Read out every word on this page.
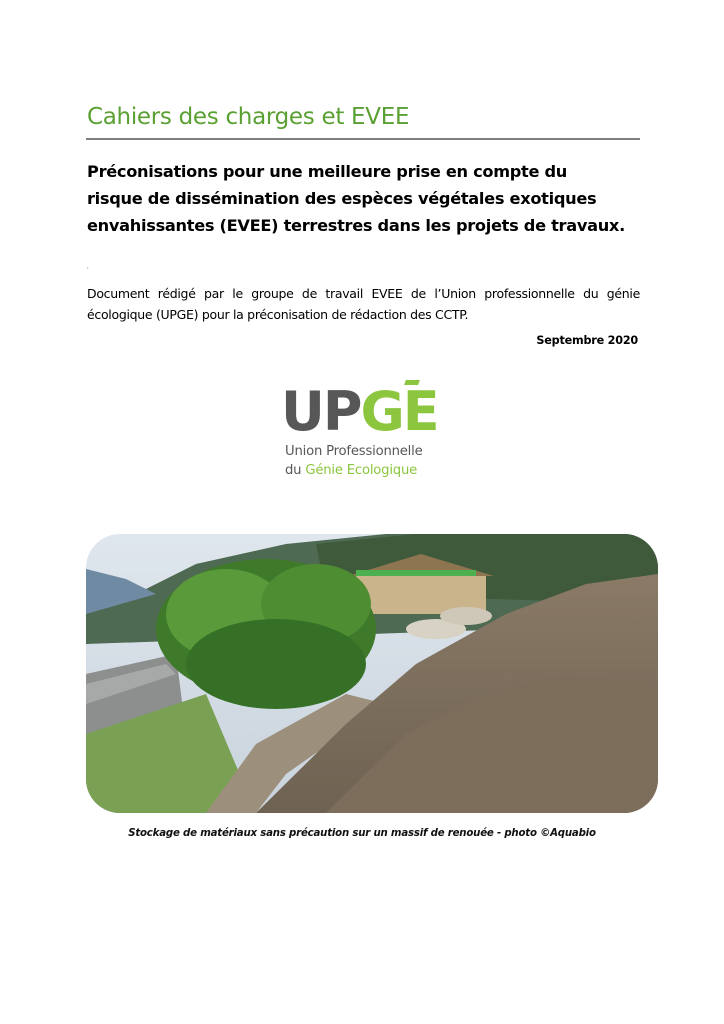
Cahiers des charges et EVEE
Préconisations pour une meilleure prise en compte du
risque de dissémination des espèces végétales exotiques
envahissantes (EVEE) terrestres dans les projets de travaux.
,
Document rédigé par le groupe de travail EVEE de l’Union professionnelle du génie écologique (UPGE) pour la préconisation de rédaction des CCTP.
Septembre 2020
UPGE
Union Professionnelle
du Génie Ecologique
Stockage de matériaux sans précaution sur un massif de renouée - photo ©Aquabio
